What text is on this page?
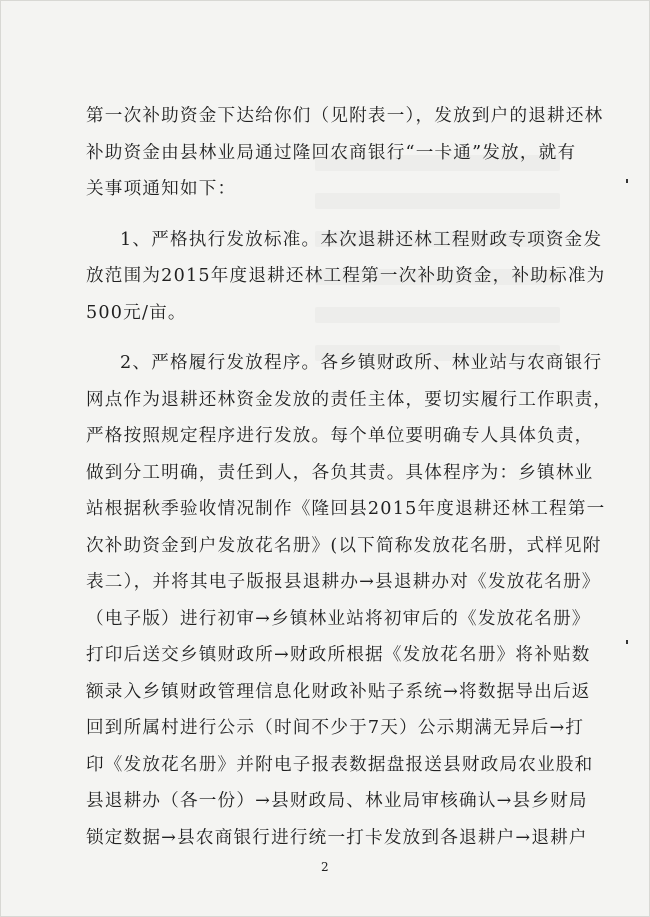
第一次补助资金下达给你们（见附表一），发放到户的退耕还林
补助资金由县林业局通过隆回农商银行“一卡通”发放，就有
关事项通知如下：
1、严格执行发放标准。本次退耕还林工程财政专项资金发
放范围为2015年度退耕还林工程第一次补助资金，补助标准为
500元/亩。
2、严格履行发放程序。各乡镇财政所、林业站与农商银行
网点作为退耕还林资金发放的责任主体，要切实履行工作职责，
严格按照规定程序进行发放。每个单位要明确专人具体负责，
做到分工明确，责任到人，各负其责。具体程序为：乡镇林业
站根据秋季验收情况制作《隆回县2015年度退耕还林工程第一
次补助资金到户发放花名册》(以下简称发放花名册，式样见附
表二），并将其电子版报县退耕办→县退耕办对《发放花名册》
（电子版）进行初审→乡镇林业站将初审后的《发放花名册》
打印后送交乡镇财政所→财政所根据《发放花名册》将补贴数
额录入乡镇财政管理信息化财政补贴子系统→将数据导出后返
回到所属村进行公示（时间不少于7天）公示期满无异后→打
印《发放花名册》并附电子报表数据盘报送县财政局农业股和
县退耕办（各一份）→县财政局、林业局审核确认→县乡财局
锁定数据→县农商银行进行统一打卡发放到各退耕户→退耕户
2
